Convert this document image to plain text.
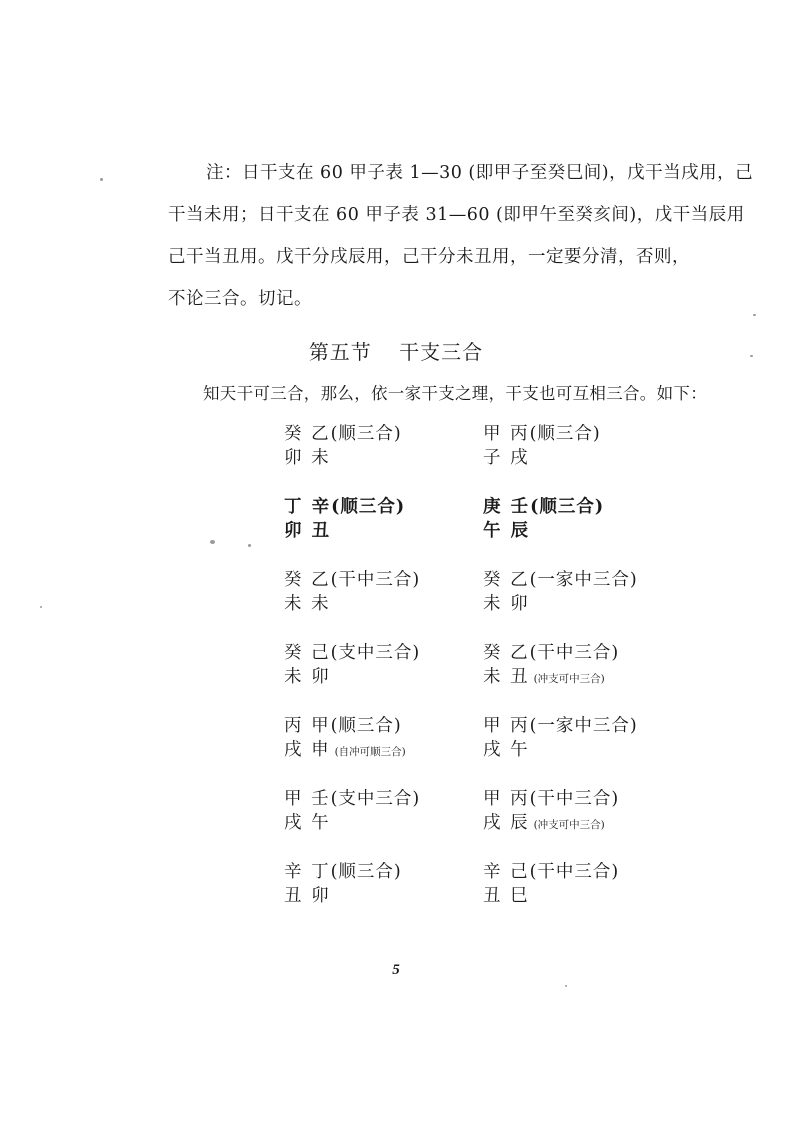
注：日干支在 60 甲子表 1—30 (即甲子至癸巳间)，戊干当戌用，己
干当未用；日干支在 60 甲子表 31—60 (即甲午至癸亥间)，戊干当辰用
己干当丑用。戊干分戌辰用，己干分未丑用，一定要分清，否则，
不论三合。切记。
第五节 干支三合
知天干可三合，那么，依一家干支之理，干支也可互相三合。如下：
癸 乙(顺三合)
卯 未
甲 丙(顺三合)
子 戌
丁 辛(顺三合)
卯 丑
庚 壬(顺三合)
午 辰
癸 乙(干中三合)
未 未
癸 乙(一家中三合)
未 卯
癸 己(支中三合)
未 卯
癸 乙(干中三合)
未 丑 (冲支可中三合)
丙 甲(顺三合)
戌 申 (自冲可顺三合)
甲 丙(一家中三合)
戌 午
甲 壬(支中三合)
戌 午
甲 丙(干中三合)
戌 辰 (冲支可中三合)
辛 丁(顺三合)
丑 卯
辛 己(干中三合)
丑 巳
5
